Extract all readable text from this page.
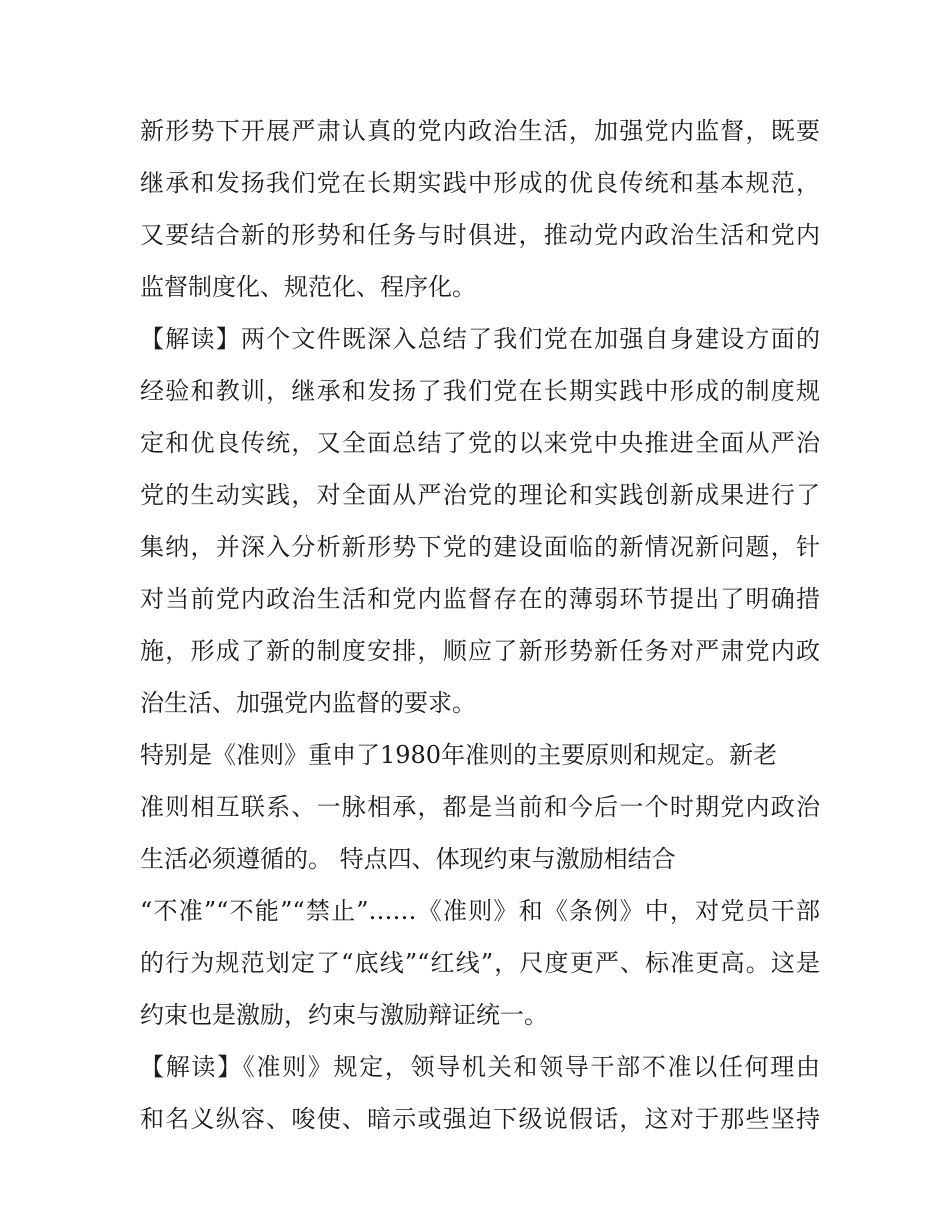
新形势下开展严肃认真的党内政治生活，加强党内监督，既要
继承和发扬我们党在长期实践中形成的优良传统和基本规范，
又要结合新的形势和任务与时俱进，推动党内政治生活和党内
监督制度化、规范化、程序化。
【解读】两个文件既深入总结了我们党在加强自身建设方面的
经验和教训，继承和发扬了我们党在长期实践中形成的制度规
定和优良传统，又全面总结了党的以来党中央推进全面从严治
党的生动实践，对全面从严治党的理论和实践创新成果进行了
集纳，并深入分析新形势下党的建设面临的新情况新问题，针
对当前党内政治生活和党内监督存在的薄弱环节提出了明确措
施，形成了新的制度安排，顺应了新形势新任务对严肃党内政
治生活、加强党内监督的要求。
特别是《准则》重申了1980年准则的主要原则和规定。新老
准则相互联系、一脉相承，都是当前和今后一个时期党内政治
生活必须遵循的。 特点四、体现约束与激励相结合
“不准”“不能”“禁止”……《准则》和《条例》中，对党员干部
的行为规范划定了“底线”“红线”，尺度更严、标准更高。这是
约束也是激励，约束与激励辩证统一。
【解读】《准则》规定，领导机关和领导干部不准以任何理由
和名义纵容、唆使、暗示或强迫下级说假话，这对于那些坚持
